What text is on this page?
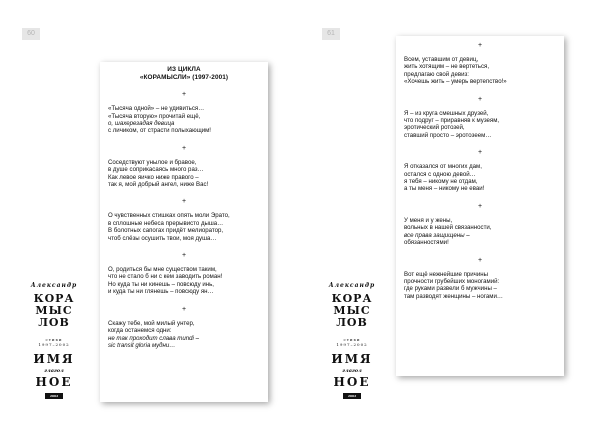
60
Александр
КОРА
МЫС
ЛОВ
стихи
1997–2002
ИМЯ
глагол
НОЕ
2002
ИЗ ЦИКЛА
«КОРАМЫСЛИ» (1997-2001)
+
«Тысяча одной» – не удивиться…
«Тысяча вторую» прочитай ещё,
о, шахерезадая девица
с личиком, от страсти полыхающим!
+
Соседствуют унылое и бравое,
в душе соприкасаясь много раз…
Как левое яичко ниже правого –
так я, мой добрый ангел, ниже Вас!
+
О чувственных стишках опять моли Эрато,
в сплошные небеса прерывисто дыша…
В болотных сапогах придёт мелиоратор,
чтоб слёзы осушить твои, моя душа…
+
О, родиться бы мне существом таким,
что не стало б ни с кем заводить роман!
Но куда ты ни кинешь – повсюду инь,
и куда ты ни глянешь – повсюду ян…
+
Скажу тебе, мой милый унтер,
когда останемся одни:
не так проходит слава mundi –
sic transit gloria мудни…
61
+
Всем, уставшим от девиц,
жить хотящим – не вертеться,
предлагаю свой девиз:
«Хочешь жить – умерь вертепство!»
+
Я – из круга смешных друзей,
что подруг – приравняв к музеям,
эротический ротозей,
ставший просто – эротозеем…
+
Я отказался от многих дам,
остался с одною девой…
я тебя – никому не отдам,
а ты меня – никому не еваи!
+
У меня и у жены,
вольных в нашей связанности,
все права защищены –
обязанностями!
+
Вот ещё нежнейшие причины
прочности грубейших моногамий:
где руками развели б мужчины –
там разводят женщины – ногами…
Александр
КОРА
МЫС
ЛОВ
стихи
1997–2002
ИМЯ
глагол
НОЕ
2002
